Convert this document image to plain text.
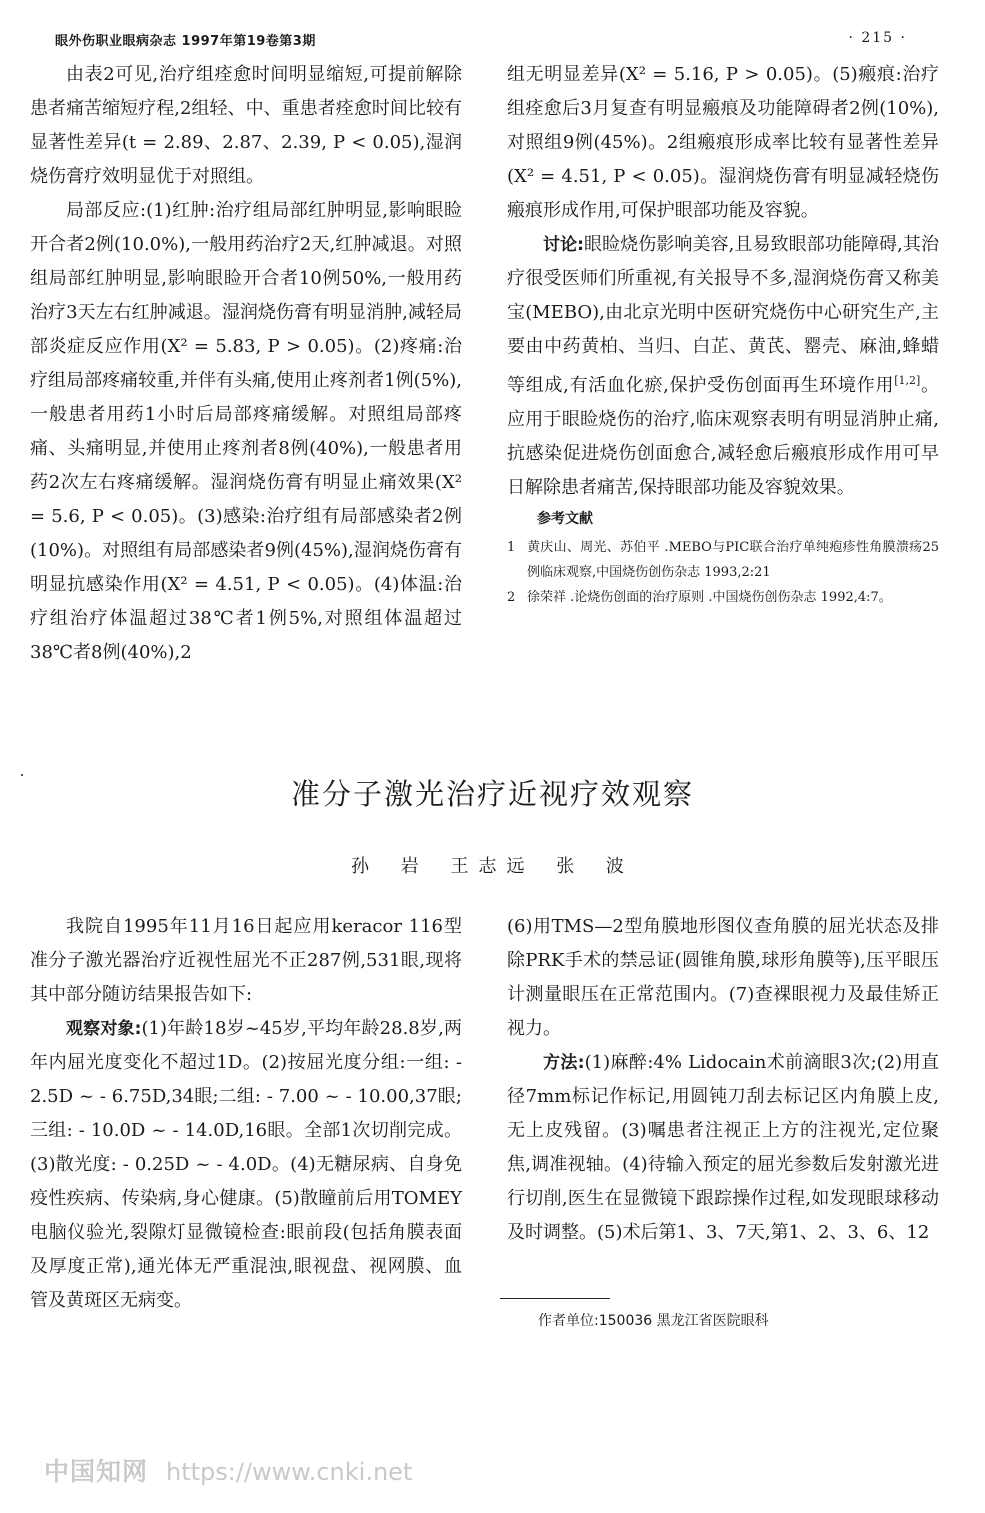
眼外伤职业眼病杂志 1997年第19卷第3期	· 215 ·

由表2可见,治疗组痊愈时间明显缩短,可提前解除患者痛苦缩短疗程,2组轻、中、重患者痊愈时间比较有显著性差异(t = 2.89、2.87、2.39, P < 0.05),湿润烧伤膏疗效明显优于对照组。

局部反应:(1)红肿:治疗组局部红肿明显,影响眼睑开合者2例(10.0%),一般用药治疗2天,红肿减退。对照组局部红肿明显,影响眼睑开合者10例50%,一般用药治疗3天左右红肿减退。湿润烧伤膏有明显消肿,减轻局部炎症反应作用(X² = 5.83, P > 0.05)。(2)疼痛:治疗组局部疼痛较重,并伴有头痛,使用止疼剂者1例(5%),一般患者用药1小时后局部疼痛缓解。对照组局部疼痛、头痛明显,并使用止疼剂者8例(40%),一般患者用药2次左右疼痛缓解。湿润烧伤膏有明显止痛效果(X² = 5.6, P < 0.05)。(3)感染:治疗组有局部感染者2例(10%)。对照组有局部感染者9例(45%),湿润烧伤膏有明显抗感染作用(X² = 4.51, P < 0.05)。(4)体温:治疗组治疗体温超过38℃者1例5%,对照组体温超过38℃者8例(40%),2

组无明显差异(X² = 5.16, P > 0.05)。(5)瘢痕:治疗组痊愈后3月复查有明显瘢痕及功能障碍者2例(10%),对照组9例(45%)。2组瘢痕形成率比较有显著性差异(X² = 4.51, P < 0.05)。湿润烧伤膏有明显减轻烧伤瘢痕形成作用,可保护眼部功能及容貌。

讨论:眼睑烧伤影响美容,且易致眼部功能障碍,其治疗很受医师们所重视,有关报导不多,湿润烧伤膏又称美宝(MEBO),由北京光明中医研究烧伤中心研究生产,主要由中药黄柏、当归、白芷、黄芪、罂壳、麻油,蜂蜡等组成,有活血化瘀,保护受伤创面再生环境作用[1,2]。应用于眼睑烧伤的治疗,临床观察表明有明显消肿止痛,抗感染促进烧伤创面愈合,减轻愈后瘢痕形成作用可早日解除患者痛苦,保持眼部功能及容貌效果。

参考文献
1 黄庆山、周光、苏伯平 .MEBO与PIC联合治疗单纯疱疹性角膜溃疡25例临床观察,中国烧伤创伤杂志 1993,2:21
2 徐荣祥 .论烧伤创面的治疗原则 .中国烧伤创伤杂志 1992,4:7。
准分子激光治疗近视疗效观察
孙 岩 王志远 张 波

我院自1995年11月16日起应用keracor 116型准分子激光器治疗近视性屈光不正287例,531眼,现将其中部分随访结果报告如下:

观察对象:(1)年龄18岁~45岁,平均年龄28.8岁,两年内屈光度变化不超过1D。(2)按屈光度分组:一组: - 2.5D ~ - 6.75D,34眼;二组: - 7.00 ~ - 10.00,37眼;三组: - 10.0D ~ - 14.0D,16眼。全部1次切削完成。(3)散光度: - 0.25D ~ - 4.0D。(4)无糖尿病、自身免疫性疾病、传染病,身心健康。(5)散瞳前后用TOMEY电脑仪验光,裂隙灯显微镜检查:眼前段(包括角膜表面及厚度正常),通光体无严重混浊,眼视盘、视网膜、血管及黄斑区无病变。

(6)用TMS—2型角膜地形图仪查角膜的屈光状态及排除PRK手术的禁忌证(圆锥角膜,球形角膜等),压平眼压计测量眼压在正常范围内。(7)查裸眼视力及最佳矫正视力。

方法:(1)麻醉:4% Lidocain术前滴眼3次;(2)用直径7mm标记作标记,用圆钝刀刮去标记区内角膜上皮,无上皮残留。(3)嘱患者注视正上方的注视光,定位聚焦,调准视轴。(4)待输入预定的屈光参数后发射激光进行切削,医生在显微镜下跟踪操作过程,如发现眼球移动及时调整。(5)术后第1、3、7天,第1、2、3、6、12

作者单位:150036 黑龙江省医院眼科
中国知网 https://www.cnki.net
